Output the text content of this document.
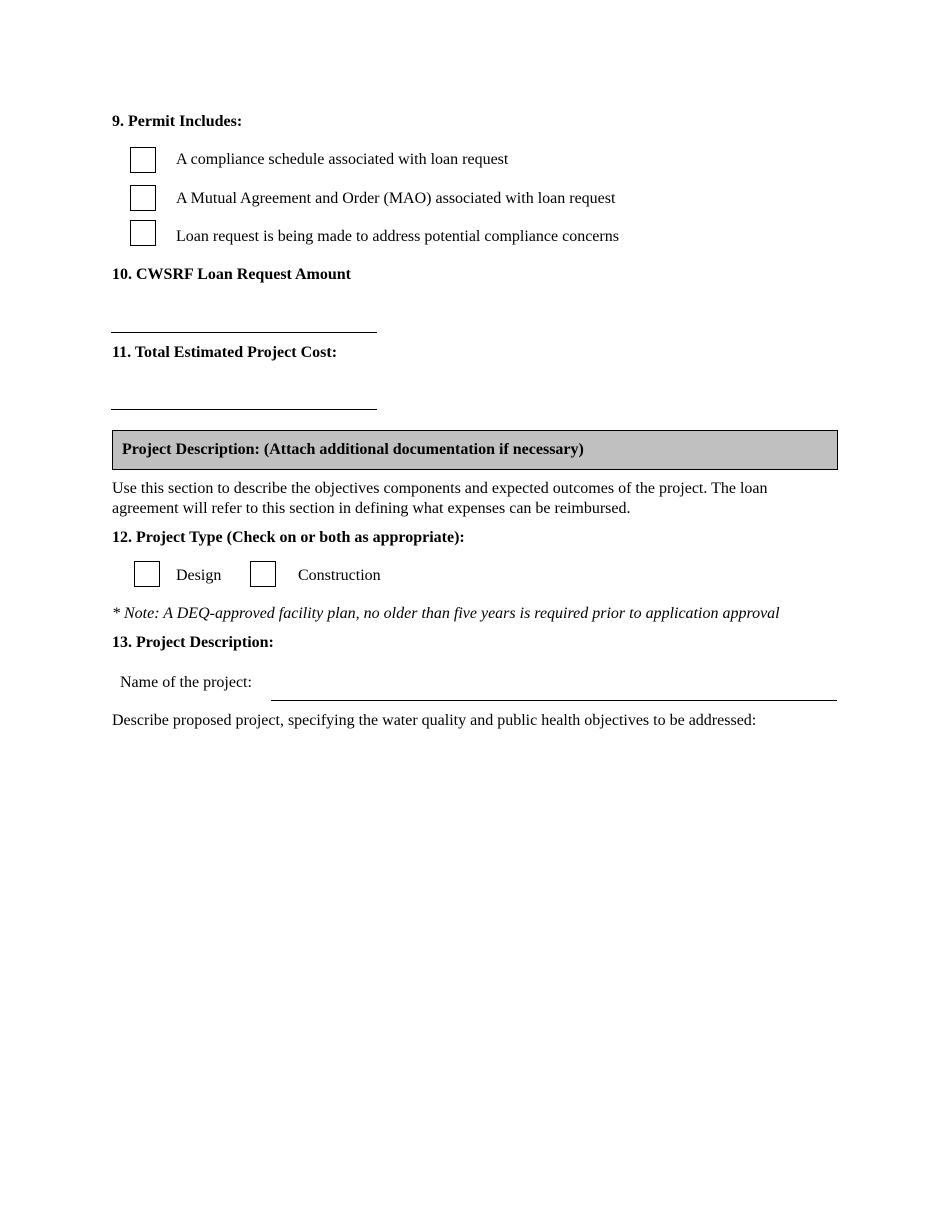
9. Permit Includes:
A compliance schedule associated with loan request
A Mutual Agreement and Order (MAO) associated with loan request
Loan request is being made to address potential compliance concerns
10. CWSRF Loan Request Amount
11. Total Estimated Project Cost:
Project Description: (Attach additional documentation if necessary)
Use this section to describe the objectives components and expected outcomes of the project. The loan agreement will refer to this section in defining what expenses can be reimbursed.
12. Project Type (Check on or both as appropriate):
Design	Construction
* Note: A DEQ-approved facility plan, no older than five years is required prior to application approval
13. Project Description:
Name of the project:
Describe proposed project, specifying the water quality and public health objectives to be addressed:
